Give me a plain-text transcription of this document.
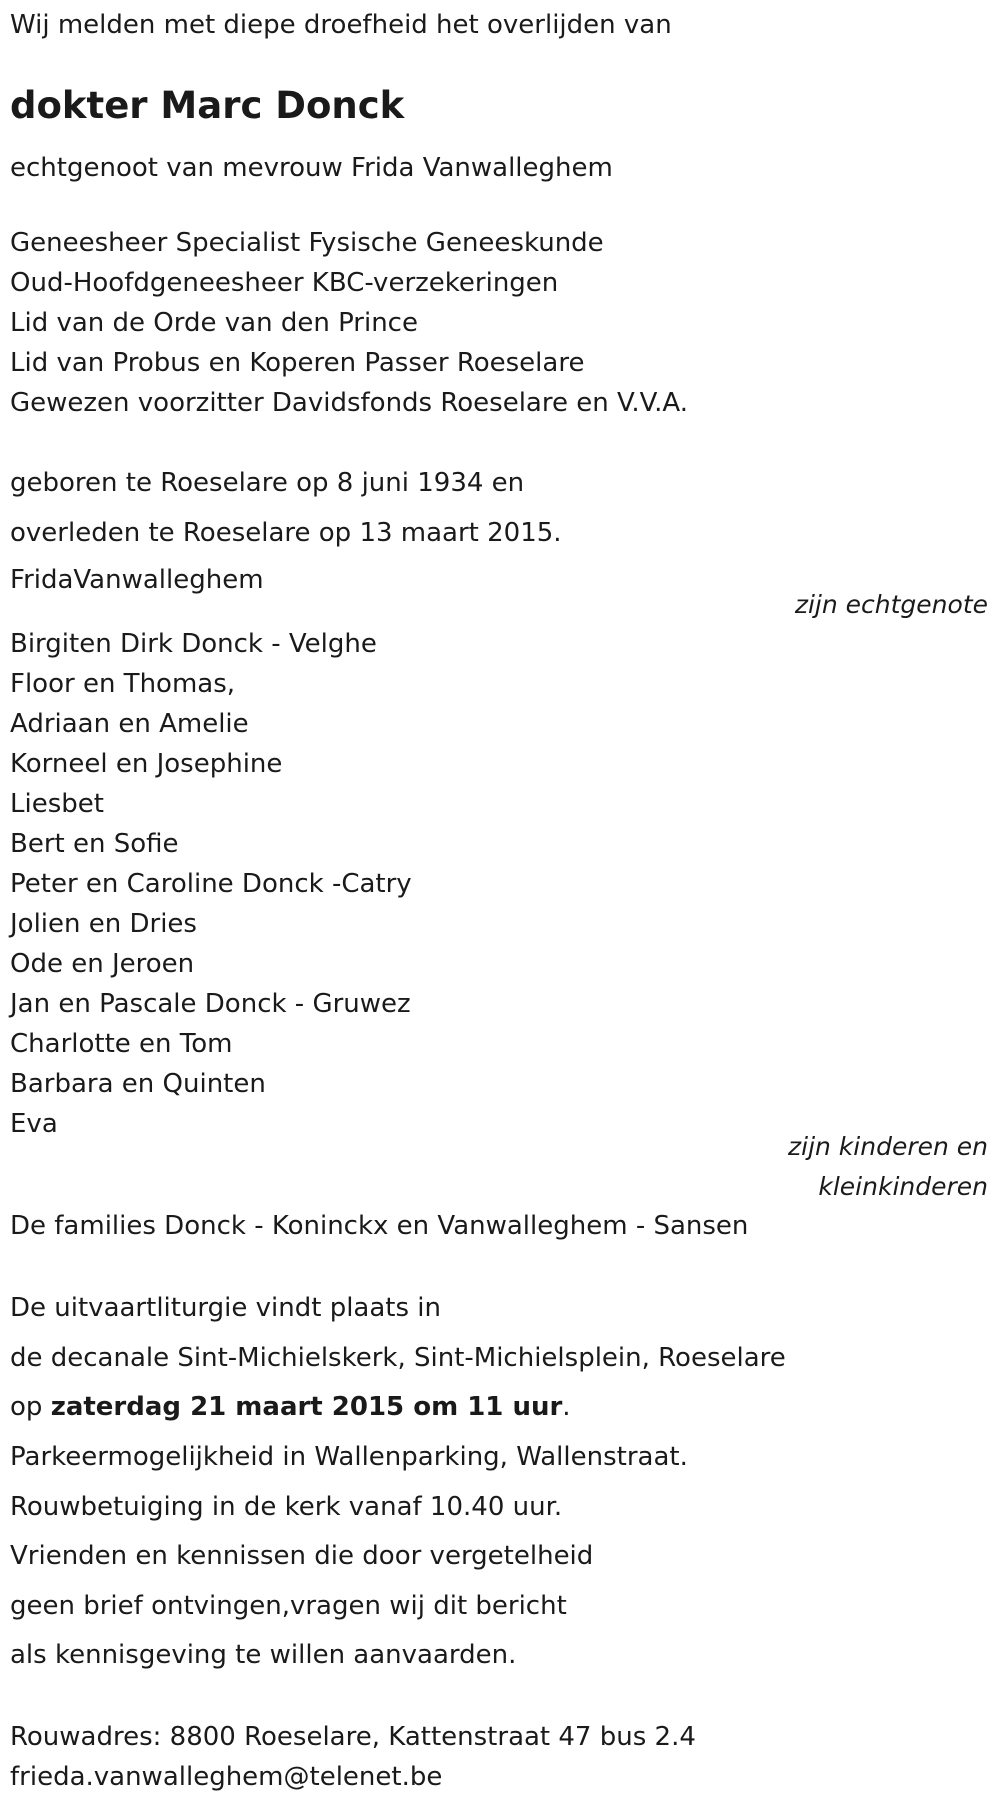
Wij melden met diepe droefheid het overlijden van
dokter Marc Donck
echtgenoot van mevrouw Frida Vanwalleghem
Geneesheer Specialist Fysische Geneeskunde
Oud-Hoofdgeneesheer KBC-verzekeringen
Lid van de Orde van den Prince
Lid van Probus en Koperen Passer Roeselare
Gewezen voorzitter Davidsfonds Roeselare en V.V.A.
geboren te Roeselare op 8 juni 1934 en
overleden te Roeselare op 13 maart 2015.
FridaVanwalleghem
zijn echtgenote
Birgiten Dirk Donck - Velghe
Floor en Thomas,
Adriaan en Amelie
Korneel en Josephine
Liesbet
Bert en Sofie
Peter en Caroline Donck -Catry
Jolien en Dries
Ode en Jeroen
Jan en Pascale Donck - Gruwez
Charlotte en Tom
Barbara en Quinten
Eva
zijn kinderen en
kleinkinderen
De families Donck - Koninckx en Vanwalleghem - Sansen
De uitvaartliturgie vindt plaats in
de decanale Sint-Michielskerk, Sint-Michielsplein, Roeselare
op zaterdag 21 maart 2015 om 11 uur.
Parkeermogelijkheid in Wallenparking, Wallenstraat.
Rouwbetuiging in de kerk vanaf 10.40 uur.
Vrienden en kennissen die door vergetelheid
geen brief ontvingen,vragen wij dit bericht
als kennisgeving te willen aanvaarden.
Rouwadres: 8800 Roeselare, Kattenstraat 47 bus 2.4
frieda.vanwalleghem@telenet.be
